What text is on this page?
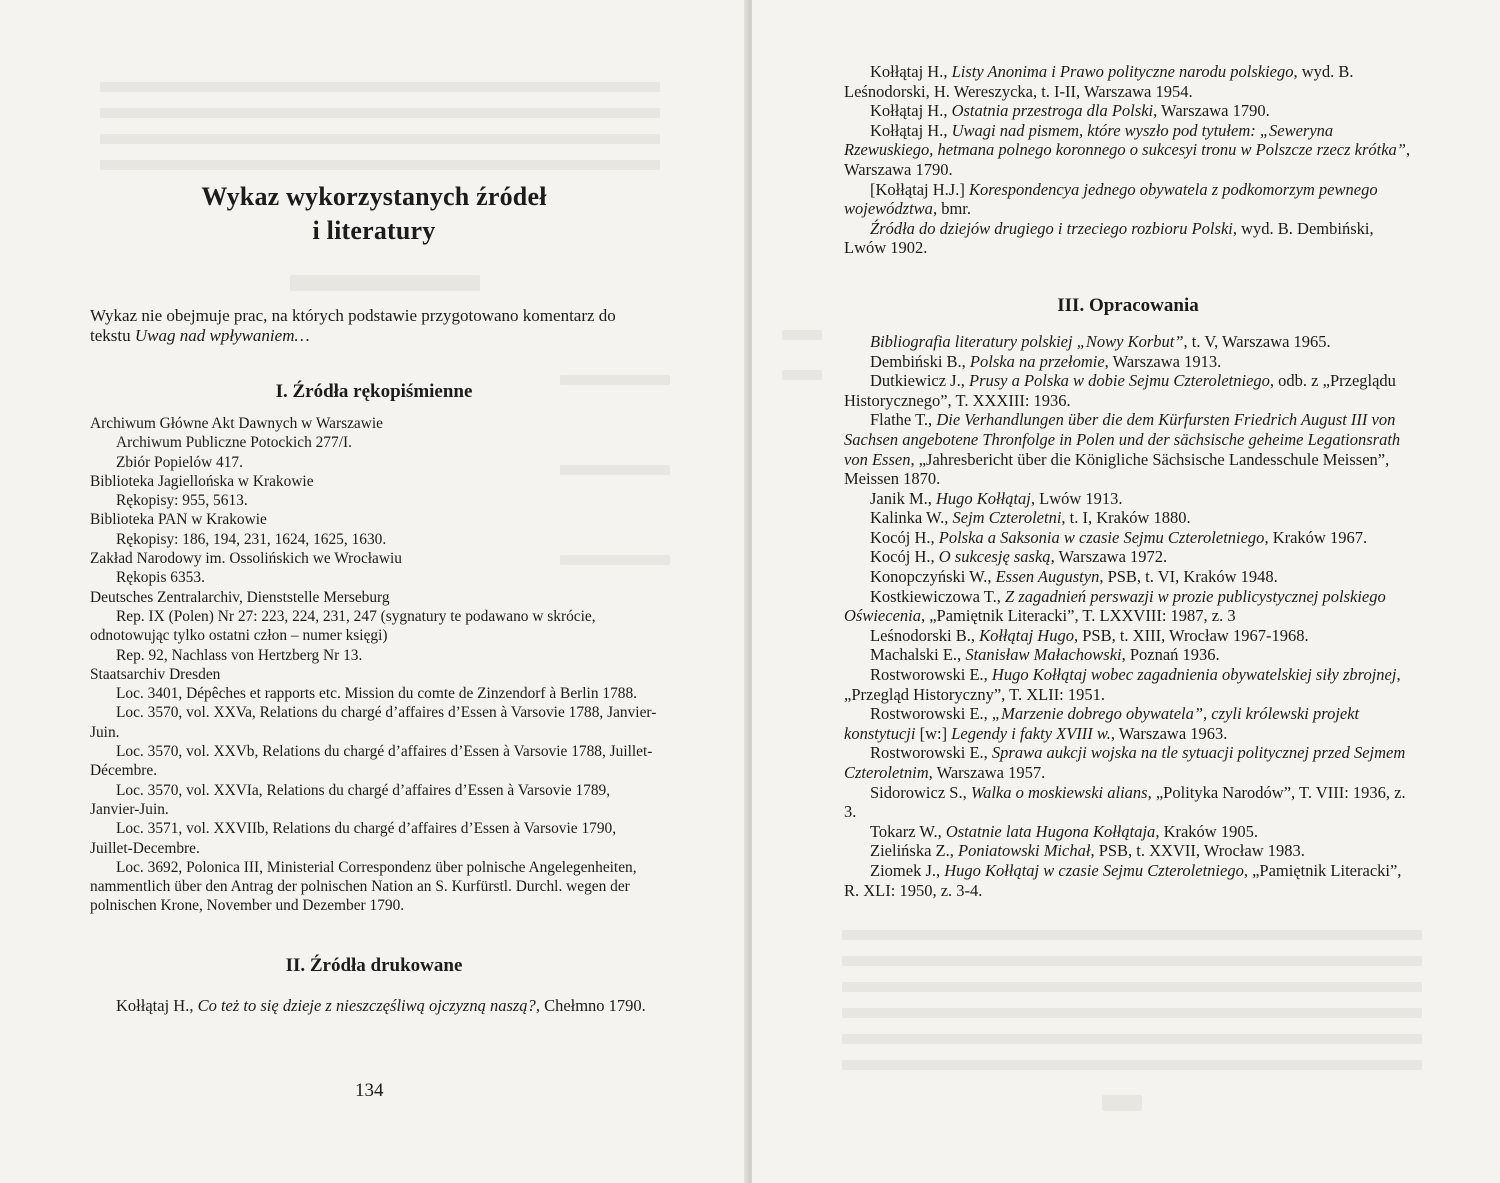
Wykaz wykorzystanych źródeł
i literatury

Wykaz nie obejmuje prac, na których podstawie przygotowano komentarz do tekstu Uwag nad wpływaniem…

I. Źródła rękopiśmienne

Archiwum Główne Akt Dawnych w Warszawie

Archiwum Publiczne Potockich 277/I.

Zbiór Popielów 417.

Biblioteka Jagiellońska w Krakowie

Rękopisy: 955, 5613.

Biblioteka PAN w Krakowie

Rękopisy: 186, 194, 231, 1624, 1625, 1630.

Zakład Narodowy im. Ossolińskich we Wrocławiu

Rękopis 6353.

Deutsches Zentralarchiv, Dienststelle Merseburg

Rep. IX (Polen) Nr 27: 223, 224, 231, 247 (sygnatury te podawano w skrócie, odnotowując tylko ostatni człon – numer księgi)

Rep. 92, Nachlass von Hertzberg Nr 13.

Staatsarchiv Dresden

Loc. 3401, Dépêches et rapports etc. Mission du comte de Zinzendorf à Berlin 1788.

Loc. 3570, vol. XXVa, Relations du chargé d’affaires d’Essen à Varsovie 1788, Janvier-Juin.

Loc. 3570, vol. XXVb, Relations du chargé d’affaires d’Essen à Varsovie 1788, Juillet-Décembre.

Loc. 3570, vol. XXVIa, Relations du chargé d’affaires d’Essen à Varsovie 1789, Janvier-Juin.

Loc. 3571, vol. XXVIIb, Relations du chargé d’affaires d’Essen à Varsovie 1790, Juillet-Decembre.

Loc. 3692, Polonica III, Ministerial Correspondenz über polnische Angelegenheiten, nammentlich über den Antrag der polnischen Nation an S. Kurfürstl. Durchl. wegen der polnischen Krone, November und Dezember 1790.

II. Źródła drukowane

Kołłątaj H., Co też to się dzieje z nieszczęśliwą ojczyzną naszą?, Chełmno 1790.

134

Kołłątaj H., Listy Anonima i Prawo polityczne narodu polskiego, wyd. B. Leśnodorski, H. Wereszycka, t. I-II, Warszawa 1954.

Kołłątaj H., Ostatnia przestroga dla Polski, Warszawa 1790.

Kołłątaj H., Uwagi nad pismem, które wyszło pod tytułem: „Seweryna Rzewuskiego, hetmana polnego koronnego o sukcesyi tronu w Polszcze rzecz krótka”, Warszawa 1790.

[Kołłątaj H.J.] Korespondencya jednego obywatela z podkomorzym pewnego województwa, bmr.

Źródła do dziejów drugiego i trzeciego rozbioru Polski, wyd. B. Dembiński, Lwów 1902.

III. Opracowania

Bibliografia literatury polskiej „Nowy Korbut”, t. V, Warszawa 1965.

Dembiński B., Polska na przełomie, Warszawa 1913.

Dutkiewicz J., Prusy a Polska w dobie Sejmu Czteroletniego, odb. z „Przeglądu Historycznego”, T. XXXIII: 1936.

Flathe T., Die Verhandlungen über die dem Kürfursten Friedrich August III von Sachsen angebotene Thronfolge in Polen und der sächsische geheime Legationsrath von Essen, „Jahresbericht über die Königliche Sächsische Landesschule Meissen”, Meissen 1870.

Janik M., Hugo Kołłątaj, Lwów 1913.

Kalinka W., Sejm Czteroletni, t. I, Kraków 1880.

Kocój H., Polska a Saksonia w czasie Sejmu Czteroletniego, Kraków 1967.

Kocój H., O sukcesję saską, Warszawa 1972.

Konopczyński W., Essen Augustyn, PSB, t. VI, Kraków 1948.

Kostkiewiczowa T., Z zagadnień perswazji w prozie publicystycznej polskiego Oświecenia, „Pamiętnik Literacki”, T. LXXVIII: 1987, z. 3

Leśnodorski B., Kołłątaj Hugo, PSB, t. XIII, Wrocław 1967-1968.

Machalski E., Stanisław Małachowski, Poznań 1936.

Rostworowski E., Hugo Kołłątaj wobec zagadnienia obywatelskiej siły zbrojnej, „Przegląd Historyczny”, T. XLII: 1951.

Rostworowski E., „Marzenie dobrego obywatela”, czyli królewski projekt konstytucji [w:] Legendy i fakty XVIII w., Warszawa 1963.

Rostworowski E., Sprawa aukcji wojska na tle sytuacji politycznej przed Sejmem Czteroletnim, Warszawa 1957.

Sidorowicz S., Walka o moskiewski alians, „Polityka Narodów”, T. VIII: 1936, z. 3.

Tokarz W., Ostatnie lata Hugona Kołłątaja, Kraków 1905.

Zielińska Z., Poniatowski Michał, PSB, t. XXVII, Wrocław 1983.

Ziomek J., Hugo Kołłątaj w czasie Sejmu Czteroletniego, „Pamiętnik Literacki”, R. XLI: 1950, z. 3-4.
